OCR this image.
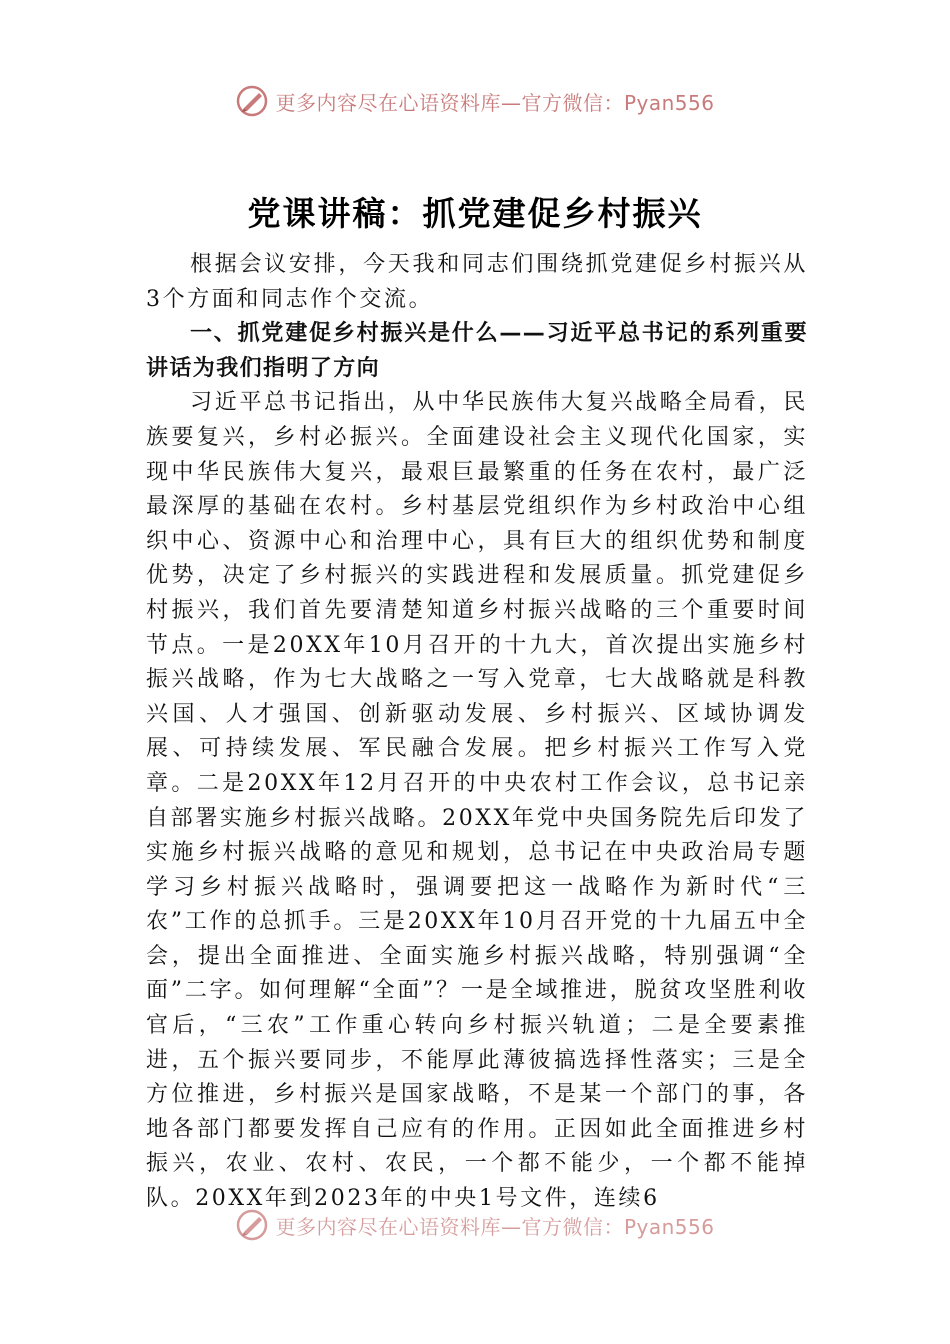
更多内容尽在心语资料库—官方微信：Pyan556
党课讲稿：抓党建促乡村振兴

根据会议安排，今天我和同志们围绕抓党建促乡村振兴从3个方面和同志作个交流。

一、抓党建促乡村振兴是什么——习近平总书记的系列重要讲话为我们指明了方向

习近平总书记指出，从中华民族伟大复兴战略全局看，民族要复兴，乡村必振兴。全面建设社会主义现代化国家，实现中华民族伟大复兴，最艰巨最繁重的任务在农村，最广泛最深厚的基础在农村。乡村基层党组织作为乡村政治中心组织中心、资源中心和治理中心，具有巨大的组织优势和制度优势，决定了乡村振兴的实践进程和发展质量。抓党建促乡村振兴，我们首先要清楚知道乡村振兴战略的三个重要时间节点。一是20XX年10月召开的十九大，首次提出实施乡村振兴战略，作为七大战略之一写入党章，七大战略就是科教兴国、人才强国、创新驱动发展、乡村振兴、区域协调发展、可持续发展、军民融合发展。把乡村振兴工作写入党章。二是20XX年12月召开的中央农村工作会议，总书记亲自部署实施乡村振兴战略。20XX年党中央国务院先后印发了实施乡村振兴战略的意见和规划，总书记在中央政治局专题学习乡村振兴战略时，强调要把这一战略作为新时代“三农”工作的总抓手。三是20XX年10月召开党的十九届五中全会，提出全面推进、全面实施乡村振兴战略，特别强调“全面”二字。如何理解“全面”？一是全域推进，脱贫攻坚胜利收官后，“三农”工作重心转向乡村振兴轨道；二是全要素推进，五个振兴要同步，不能厚此薄彼搞选择性落实；三是全方位推进，乡村振兴是国家战略，不是某一个部门的事，各地各部门都要发挥自己应有的作用。正因如此全面推进乡村振兴，农业、农村、农民，一个都不能少，一个都不能掉队。20XX年到2023年的中央1号文件，连续6

更多内容尽在心语资料库—官方微信：Pyan556
